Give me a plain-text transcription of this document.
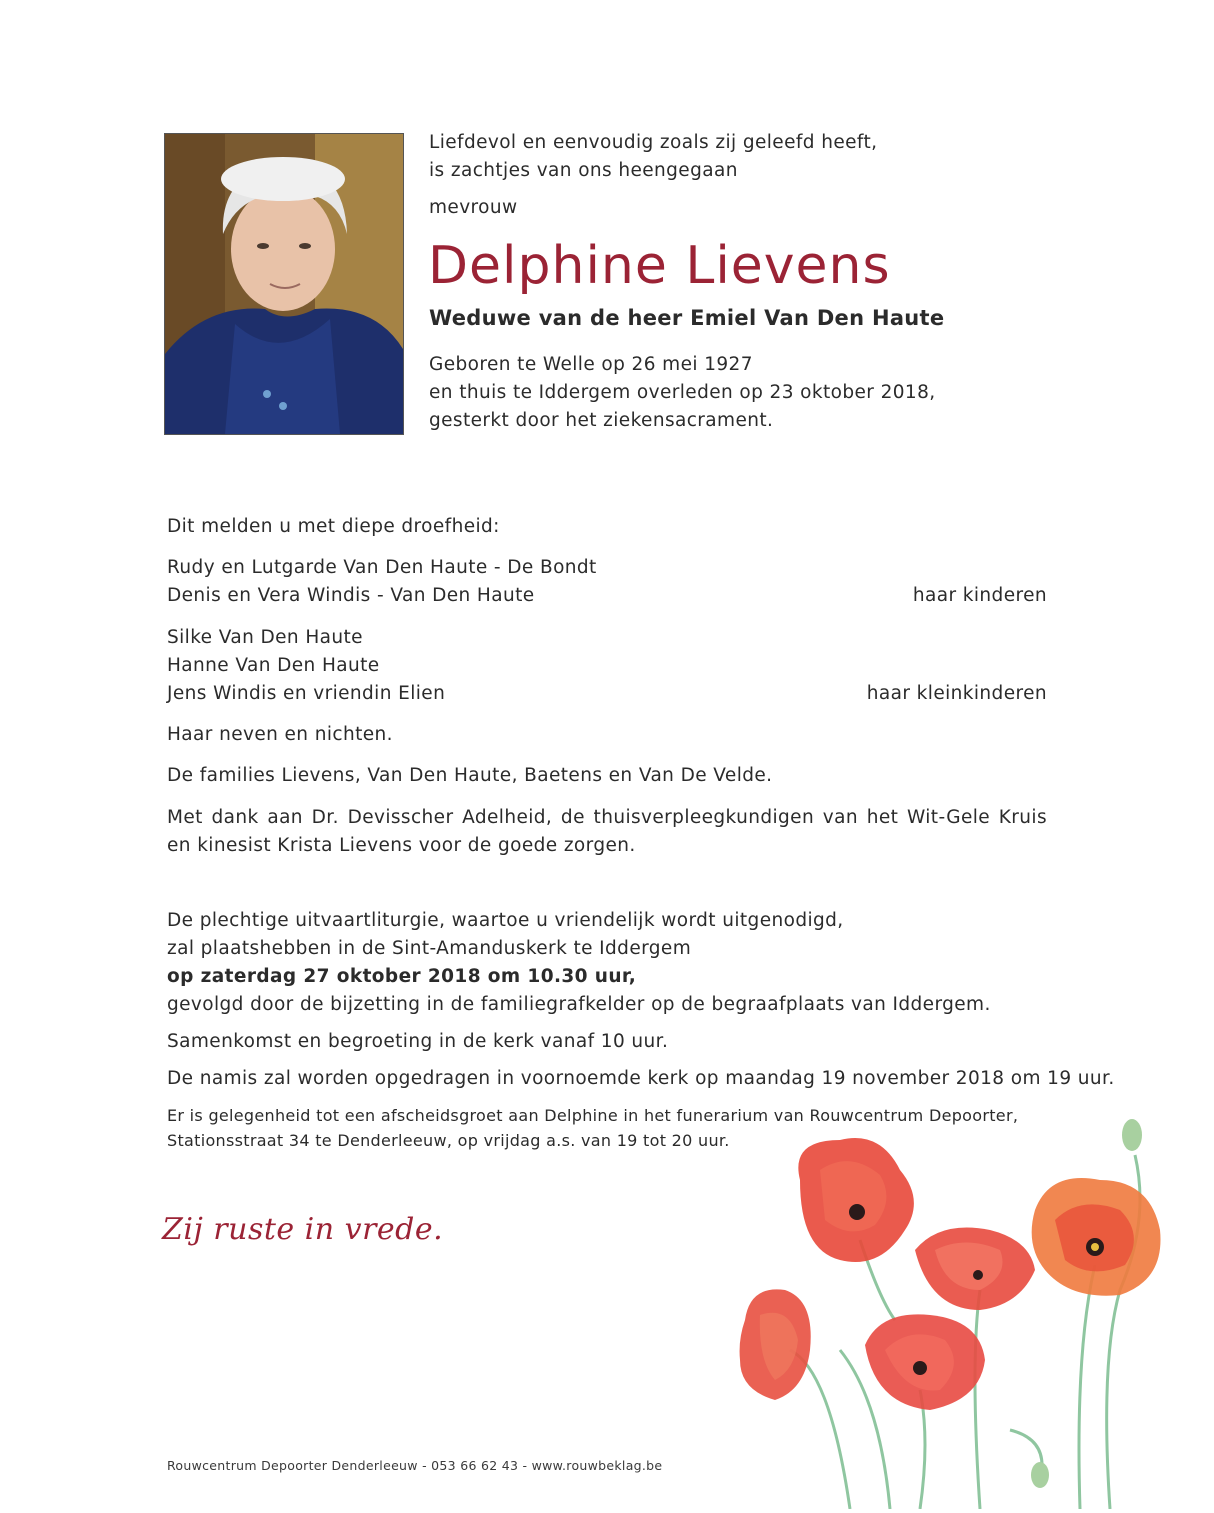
Liefdevol en eenvoudig zoals zij geleefd heeft,
is zachtjes van ons heengegaan
mevrouw
Delphine Lievens
Weduwe van de heer Emiel Van Den Haute
Geboren te Welle op 26 mei 1927
en thuis te Iddergem overleden op 23 oktober 2018,
gesterkt door het ziekensacrament.
Dit melden u met diepe droefheid:
Rudy en Lutgarde Van Den Haute - De Bondt
Denis en Vera Windis - Van Den Haute	haar kinderen
Silke Van Den Haute
Hanne Van Den Haute
Jens Windis en vriendin Elien	haar kleinkinderen
Haar neven en nichten.
De families Lievens, Van Den Haute, Baetens en Van De Velde.
Met dank aan Dr. Devisscher Adelheid, de thuisverpleegkundigen van het Wit-Gele Kruis en kinesist Krista Lievens voor de goede zorgen.
De plechtige uitvaartliturgie, waartoe u vriendelijk wordt uitgenodigd,
zal plaatshebben in de Sint-Amanduskerk te Iddergem
op zaterdag 27 oktober 2018 om 10.30 uur,
gevolgd door de bijzetting in de familiegrafkelder op de begraafplaats van Iddergem.
Samenkomst en begroeting in de kerk vanaf 10 uur.
De namis zal worden opgedragen in voornoemde kerk op maandag 19 november 2018 om 19 uur.
Er is gelegenheid tot een afscheidsgroet aan Delphine in het funerarium van Rouwcentrum Depoorter,
Stationsstraat 34 te Denderleeuw, op vrijdag a.s. van 19 tot 20 uur.
Zij ruste in vrede.
Rouwcentrum Depoorter Denderleeuw - 053 66 62 43 - www.rouwbeklag.be
